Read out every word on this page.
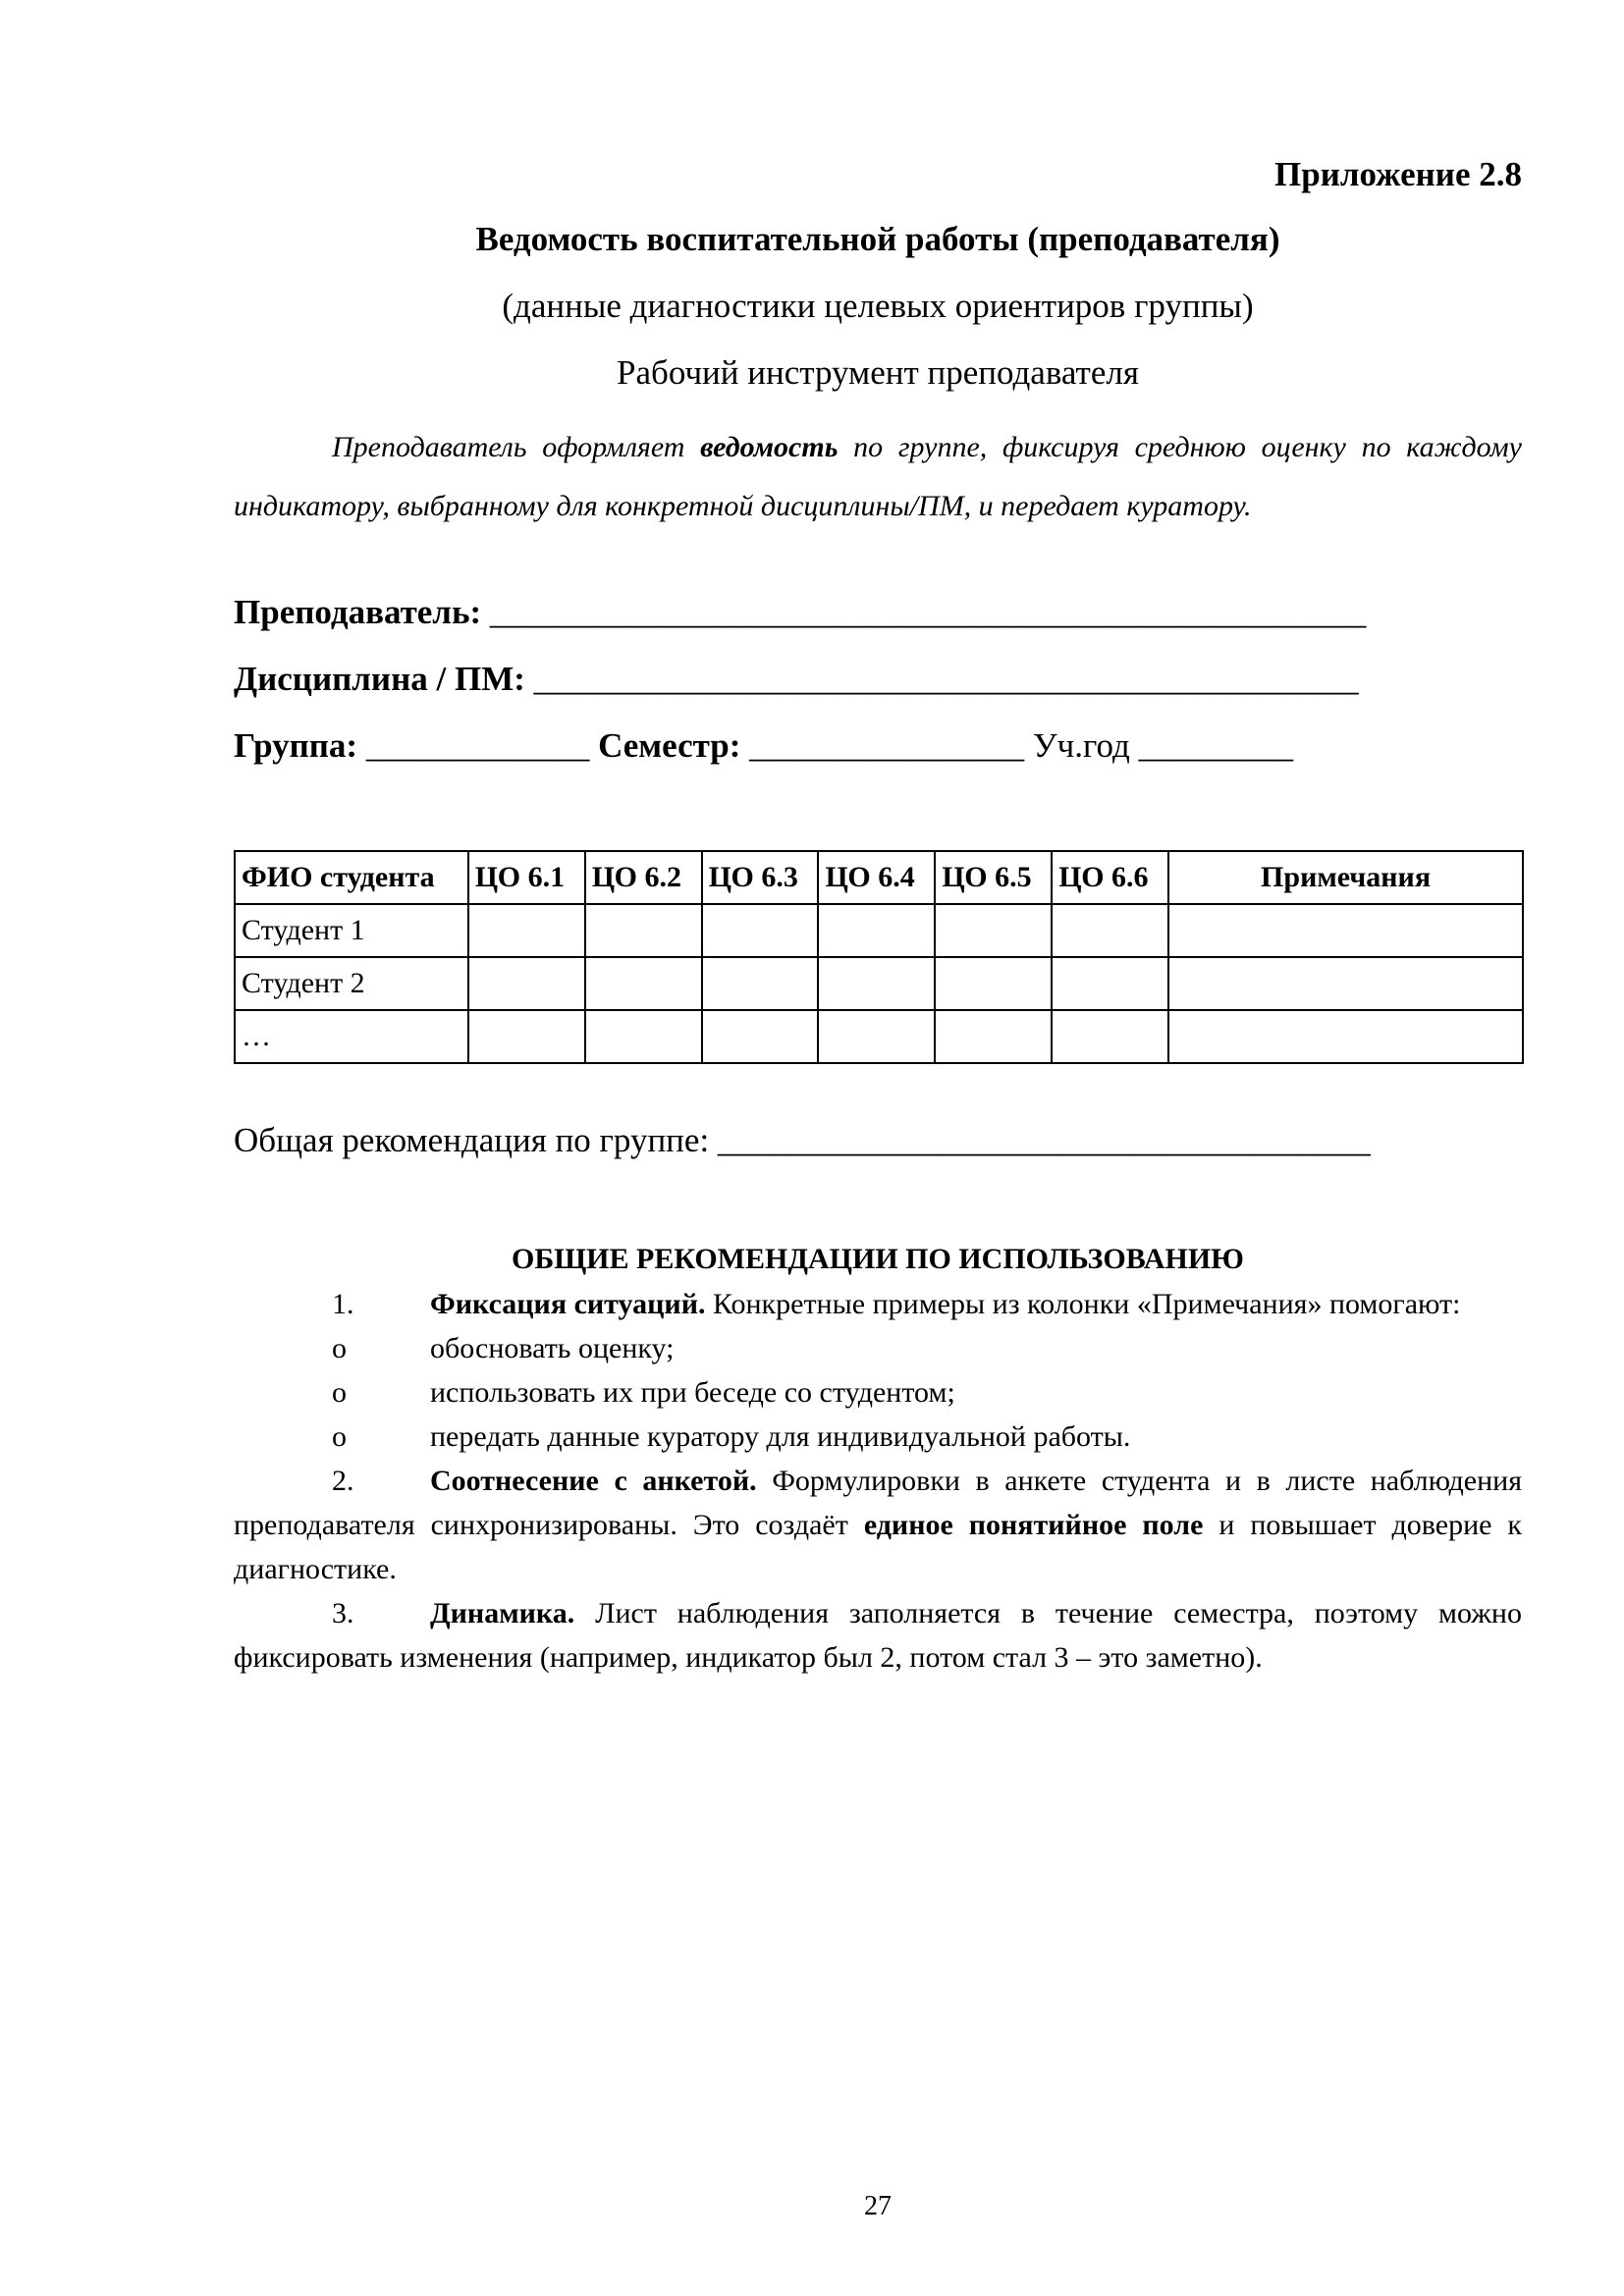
Приложение 2.8
Ведомость воспитательной работы (преподавателя)
(данные диагностики целевых ориентиров группы)
Рабочий инструмент преподавателя
Преподаватель оформляет ведомость по группе, фиксируя среднюю оценку по каждому индикатору, выбранному для конкретной дисциплины/ПМ, и передает куратору.
Преподаватель: ___________________________________________________
Дисциплина / ПМ: ________________________________________________
Группа: _____________ Семестр: ________________ Уч.год _________
ФИО студента	ЦО 6.1	ЦО 6.2	ЦО 6.3	ЦО 6.4	ЦО 6.5	ЦО 6.6	Примечания
Студент 1							
Студент 2							
…							
Общая рекомендация по группе: ______________________________________
ОБЩИЕ РЕКОМЕНДАЦИИ ПО ИСПОЛЬЗОВАНИЮ

1.	Фиксация ситуаций. Конкретные примеры из колонки «Примечания» помогают:

o	обосновать оценку;

o	использовать их при беседе со студентом;

o	передать данные куратору для индивидуальной работы.

2.	Соотнесение с анкетой. Формулировки в анкете студента и в листе наблюдения преподавателя синхронизированы. Это создаёт единое понятийное поле и повышает доверие к диагностике.

3.	Динамика. Лист наблюдения заполняется в течение семестра, поэтому можно фиксировать изменения (например, индикатор был 2, потом стал 3 – это заметно).

27
